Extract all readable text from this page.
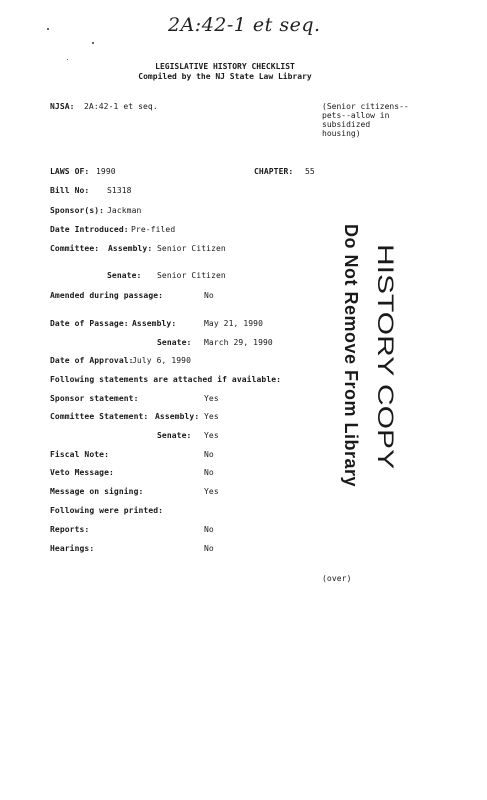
2A:42-1 et seq.
LEGISLATIVE HISTORY CHECKLIST
Compiled by the NJ State Law Library
NJSA: 2A:42-1 et seq.	(Senior citizens--
pets--allow in
subsidized
housing)
LAWS OF: 1990	CHAPTER: 55
Bill No: S1318
Sponsor(s): Jackman
Date Introduced: Pre-filed
Committee: Assembly: Senior Citizen
Senate: Senior Citizen
Amended during passage:	No
Date of Passage: Assembly:	May 21, 1990
Senate: March 29, 1990
Date of Approval:
July 6, 1990
Following statements are attached if available:
Sponsor statement:	Yes
Committee Statement: Assembly: Yes
Senate: Yes
Fiscal Note:	No
Veto Message:	No
Message on signing:	Yes
Following were printed:
Reports:	No
Hearings:	No
(over)
Do Not Remove From Library HISTORY COPY
